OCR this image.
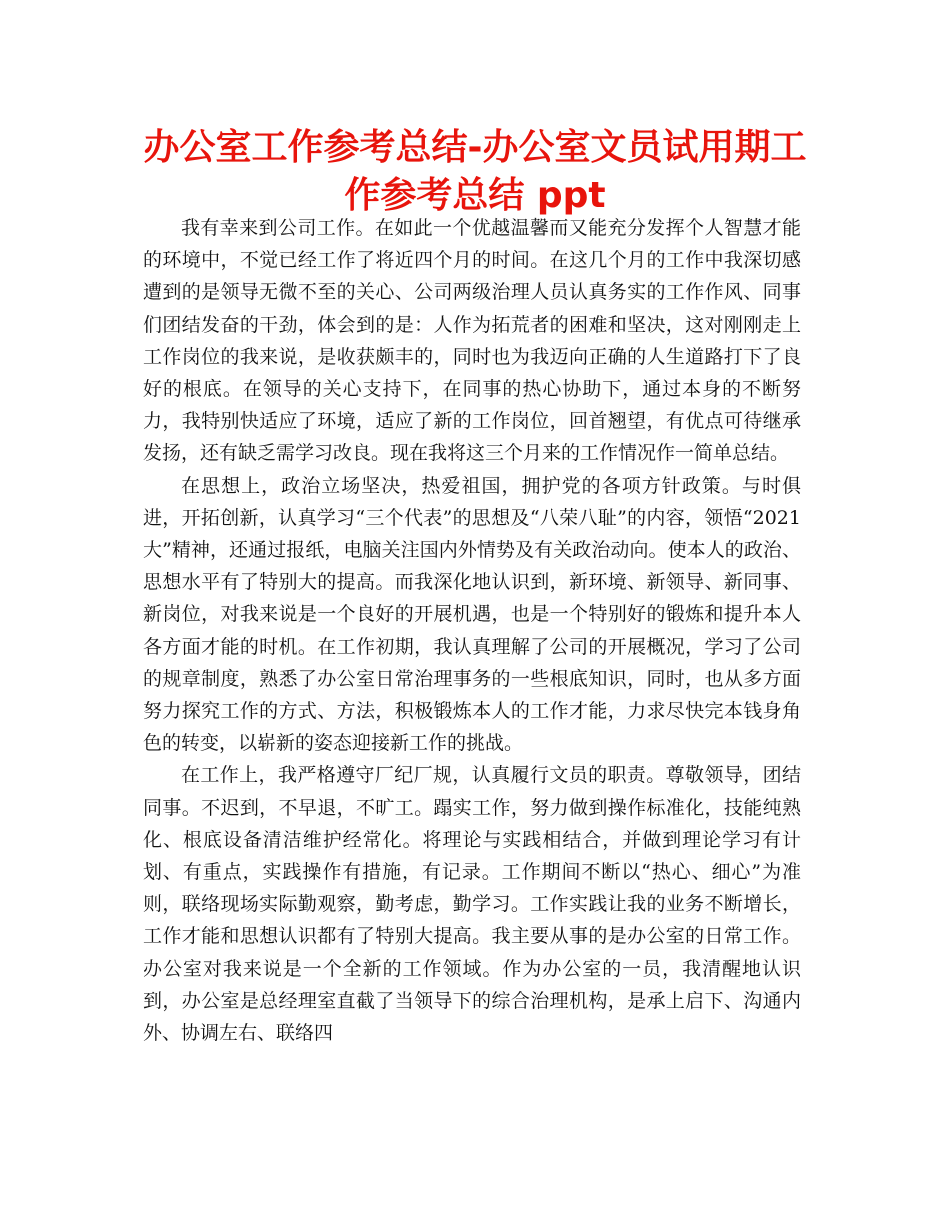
办公室工作参考总结-办公室文员试用期工作参考总结 ppt

我有幸来到公司工作。在如此一个优越温馨而又能充分发挥个人智慧才能的环境中，不觉已经工作了将近四个月的时间。在这几个月的工作中我深切感遭到的是领导无微不至的关心、公司两级治理人员认真务实的工作作风、同事们团结发奋的干劲，体会到的是：人作为拓荒者的困难和坚决，这对刚刚走上工作岗位的我来说，是收获颇丰的，同时也为我迈向正确的人生道路打下了良好的根底。在领导的关心支持下，在同事的热心协助下，通过本身的不断努力，我特别快适应了环境，适应了新的工作岗位，回首翘望，有优点可待继承发扬，还有缺乏需学习改良。现在我将这三个月来的工作情况作一简单总结。

在思想上，政治立场坚决，热爱祖国，拥护党的各项方针政策。与时俱进，开拓创新，认真学习“三个代表”的思想及“八荣八耻”的内容，领悟“2021大”精神，还通过报纸，电脑关注国内外情势及有关政治动向。使本人的政治、思想水平有了特别大的提高。而我深化地认识到，新环境、新领导、新同事、新岗位，对我来说是一个良好的开展机遇，也是一个特别好的锻炼和提升本人各方面才能的时机。在工作初期，我认真理解了公司的开展概况，学习了公司的规章制度，熟悉了办公室日常治理事务的一些根底知识，同时，也从多方面努力探究工作的方式、方法，积极锻炼本人的工作才能，力求尽快完本钱身角色的转变，以崭新的姿态迎接新工作的挑战。

在工作上，我严格遵守厂纪厂规，认真履行文员的职责。尊敬领导，团结同事。不迟到，不早退，不旷工。蹋实工作，努力做到操作标准化，技能纯熟化、根底设备清洁维护经常化。将理论与实践相结合，并做到理论学习有计划、有重点，实践操作有措施，有记录。工作期间不断以“热心、细心”为准则，联络现场实际勤观察，勤考虑，勤学习。工作实践让我的业务不断增长，工作才能和思想认识都有了特别大提高。我主要从事的是办公室的日常工作。办公室对我来说是一个全新的工作领域。作为办公室的一员，我清醒地认识到，办公室是总经理室直截了当领导下的综合治理机构，是承上启下、沟通内外、协调左右、联络四
